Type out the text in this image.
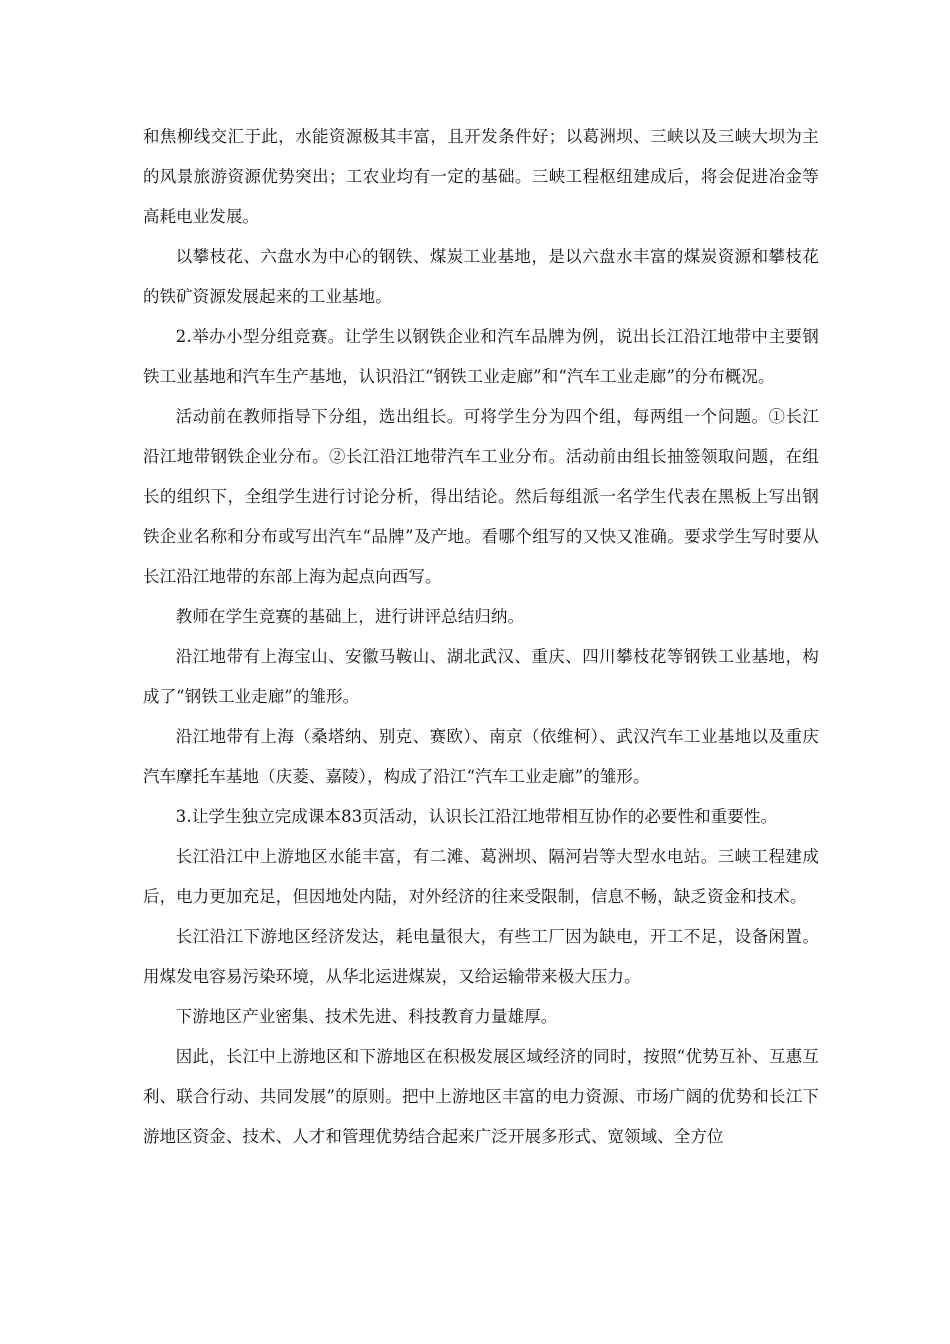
和焦柳线交汇于此，水能资源极其丰富，且开发条件好；以葛洲坝、三峡以及三峡大坝为主的风景旅游资源优势突出；工农业均有一定的基础。三峡工程枢纽建成后，将会促进冶金等高耗电业发展。

以攀枝花、六盘水为中心的钢铁、煤炭工业基地，是以六盘水丰富的煤炭资源和攀枝花的铁矿资源发展起来的工业基地。

2.举办小型分组竞赛。让学生以钢铁企业和汽车品牌为例，说出长江沿江地带中主要钢铁工业基地和汽车生产基地，认识沿江“钢铁工业走廊”和“汽车工业走廊”的分布概况。

活动前在教师指导下分组，选出组长。可将学生分为四个组，每两组一个问题。①长江沿江地带钢铁企业分布。②长江沿江地带汽车工业分布。活动前由组长抽签领取问题，在组长的组织下，全组学生进行讨论分析，得出结论。然后每组派一名学生代表在黑板上写出钢铁企业名称和分布或写出汽车“品牌”及产地。看哪个组写的又快又准确。要求学生写时要从长江沿江地带的东部上海为起点向西写。

教师在学生竞赛的基础上，进行讲评总结归纳。

沿江地带有上海宝山、安徽马鞍山、湖北武汉、重庆、四川攀枝花等钢铁工业基地，构成了“钢铁工业走廊”的雏形。

沿江地带有上海（桑塔纳、别克、赛欧）、南京（依维柯）、武汉汽车工业基地以及重庆汽车摩托车基地（庆菱、嘉陵），构成了沿江“汽车工业走廊”的雏形。

3.让学生独立完成课本83页活动，认识长江沿江地带相互协作的必要性和重要性。

长江沿江中上游地区水能丰富，有二滩、葛洲坝、隔河岩等大型水电站。三峡工程建成后，电力更加充足，但因地处内陆，对外经济的往来受限制，信息不畅，缺乏资金和技术。

长江沿江下游地区经济发达，耗电量很大，有些工厂因为缺电，开工不足，设备闲置。用煤发电容易污染环境，从华北运进煤炭，又给运输带来极大压力。

下游地区产业密集、技术先进、科技教育力量雄厚。

因此，长江中上游地区和下游地区在积极发展区域经济的同时，按照“优势互补、互惠互利、联合行动、共同发展”的原则。把中上游地区丰富的电力资源、市场广阔的优势和长江下游地区资金、技术、人才和管理优势结合起来广泛开展多形式、宽领域、全方位
